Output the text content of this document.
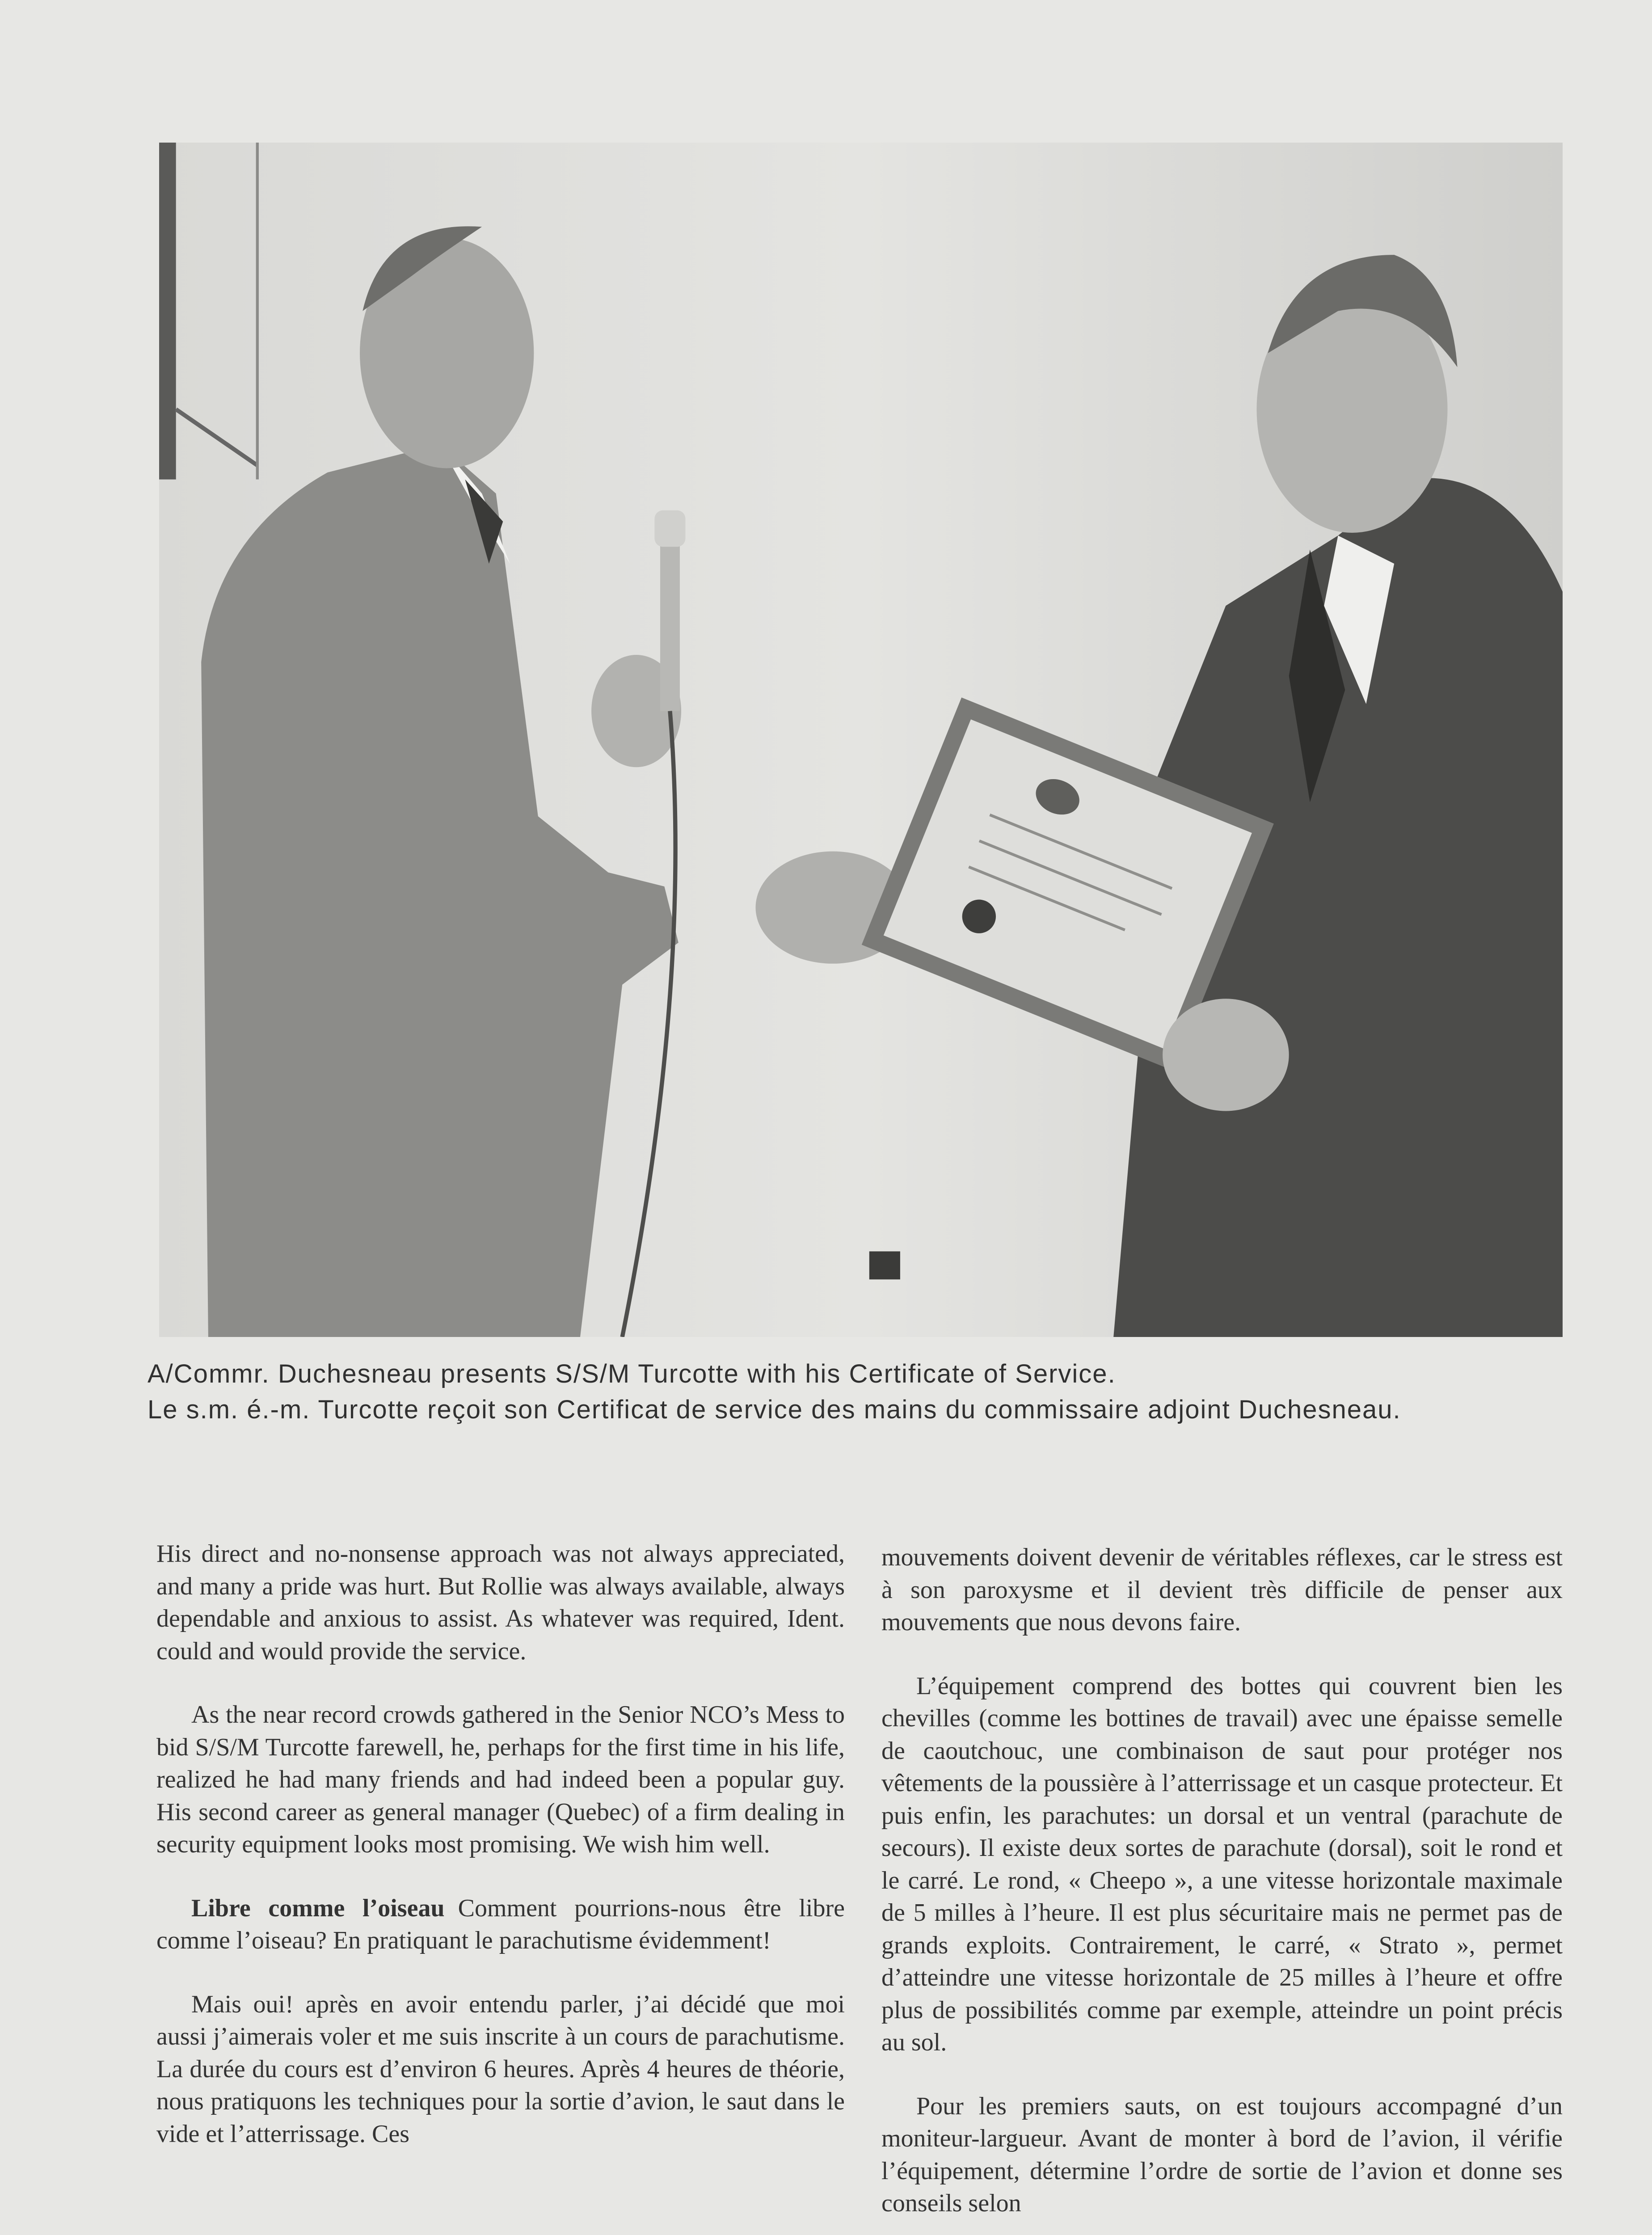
A/Commr. Duchesneau presents S/S/M Turcotte with his Certificate of Service.
Le s.m. é.-m. Turcotte reçoit son Certificat de service des mains du commissaire adjoint Duchesneau.

His direct and no-nonsense approach was not always appreciated, and many a pride was hurt. But Rollie was always available, always dependable and anxious to assist. As whatever was required, Ident. could and would provide the service.

As the near record crowds gathered in the Senior NCO’s Mess to bid S/S/M Turcotte farewell, he, perhaps for the first time in his life, realized he had many friends and had indeed been a popular guy. His second career as general manager (Quebec) of a firm dealing in security equipment looks most promising. We wish him well.

Libre comme l’oiseau Comment pourrions-nous être libre comme l’oiseau? En pratiquant le parachutisme évidemment!

Mais oui! après en avoir entendu parler, j’ai décidé que moi aussi j’aimerais voler et me suis inscrite à un cours de parachutisme. La durée du cours est d’environ 6 heures. Après 4 heures de théorie, nous pratiquons les techniques pour la sortie d’avion, le saut dans le vide et l’atterrissage. Ces

mouvements doivent devenir de véritables réflexes, car le stress est à son paroxysme et il devient très difficile de penser aux mouvements que nous devons faire.

L’équipement comprend des bottes qui couvrent bien les chevilles (comme les bottines de travail) avec une épaisse semelle de caoutchouc, une combinaison de saut pour protéger nos vêtements de la poussière à l’atterrissage et un casque protecteur. Et puis enfin, les parachutes: un dorsal et un ventral (parachute de secours). Il existe deux sortes de parachute (dorsal), soit le rond et le carré. Le rond, « Cheepo », a une vitesse horizontale maximale de 5 milles à l’heure. Il est plus sécuritaire mais ne permet pas de grands exploits. Contrairement, le carré, « Strato », permet d’atteindre une vitesse horizontale de 25 milles à l’heure et offre plus de possibilités comme par exemple, atteindre un point précis au sol.

Pour les premiers sauts, on est toujours accompagné d’un moniteur-largueur. Avant de monter à bord de l’avion, il vérifie l’équipement, détermine l’ordre de sortie de l’avion et donne ses conseils selon
